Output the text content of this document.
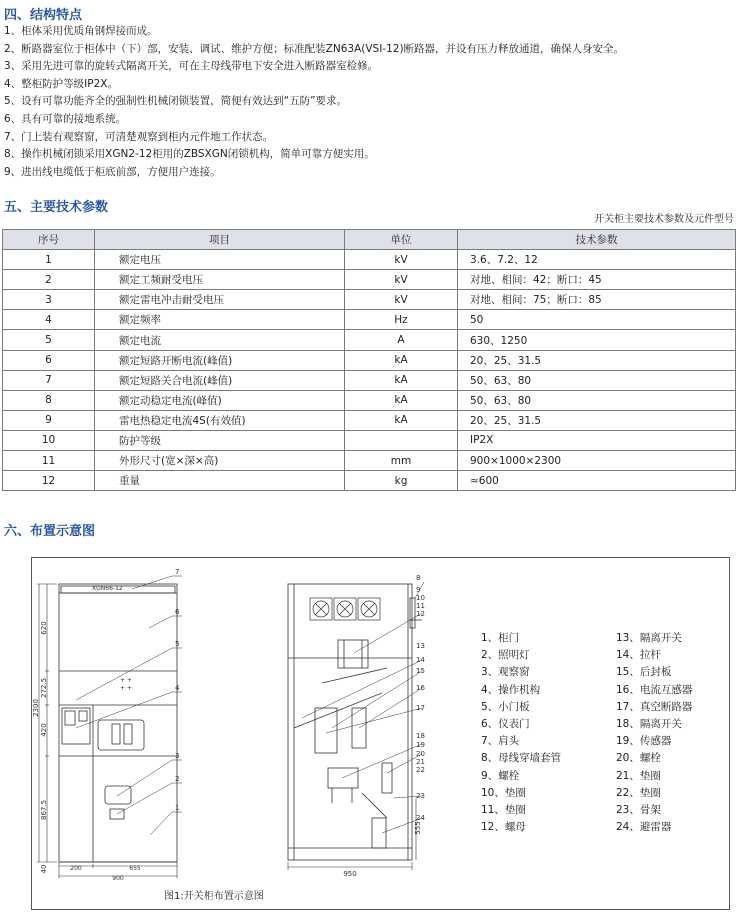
四、结构特点
1、柜体采用优质角钢焊接而成。
2、断路器室位于柜体中（下）部，安装、调试、维护方便；标准配装ZN63A(VSI-12)断路器，并设有压力释放通道，确保人身安全。
3、采用先进可靠的旋转式隔离开关，可在主母线带电下安全进入断路器室检修。
4、整柜防护等级IP2X。
5、设有可靠功能齐全的强制性机械闭锁装置，简便有效达到“五防”要求。
6、具有可靠的接地系统。
7、门上装有观察窗，可清楚观察到柜内元件地工作状态。
8、操作机械闭锁采用XGN2-12柜用的ZBSXGN闭锁机构，简单可靠方便实用。
9、进出线电缆低于柜底前部，方便用户连接。
五、主要技术参数
开关柜主要技术参数及元件型号
序号	项目	单位	技术参数
1	额定电压	kV	3.6、7.2、12
2	额定工频耐受电压	kV	对地、相间：42；断口：45
3	额定雷电冲击耐受电压	kV	对地、相间：75；断口：85
4	额定频率	Hz	50
5	额定电流	A	630、1250
6	额定短路开断电流(峰值)	kA	20、25、31.5
7	额定短路关合电流(峰值)	kA	50、63、80
8	额定动稳定电流(峰值)	kA	50、63、80
9	雷电热稳定电流4S(有效值)	kA	20、25、31.5
10	防护等级		IP2X
11	外形尺寸(宽×深×高)	mm	900×1000×2300
12	重量	kg	≈600
六、布置示意图
+ +
+ +
XGN66-12
2300
620
272.5
420
867.5
40	200	655
900
7
6
5
4
3
2
1
950
555
8
9
10
11
12
13
14
15
16
17
18
19
20
21
22
23
24
1、柜门
2、照明灯
3、观察窗
4、操作机构
5、小门板
6、仪表门
7、肩头
8、母线穿墙套管
9、螺栓
10、垫圈
11、垫圈
12、螺母
13、隔离开关
14、拉杆
15、后封板
16、电流互感器
17、真空断路器
18、隔离开关
19、传感器
20、螺栓
21、垫圈
22、垫圈
23、骨架
24、避雷器
图1:开关柜布置示意图
